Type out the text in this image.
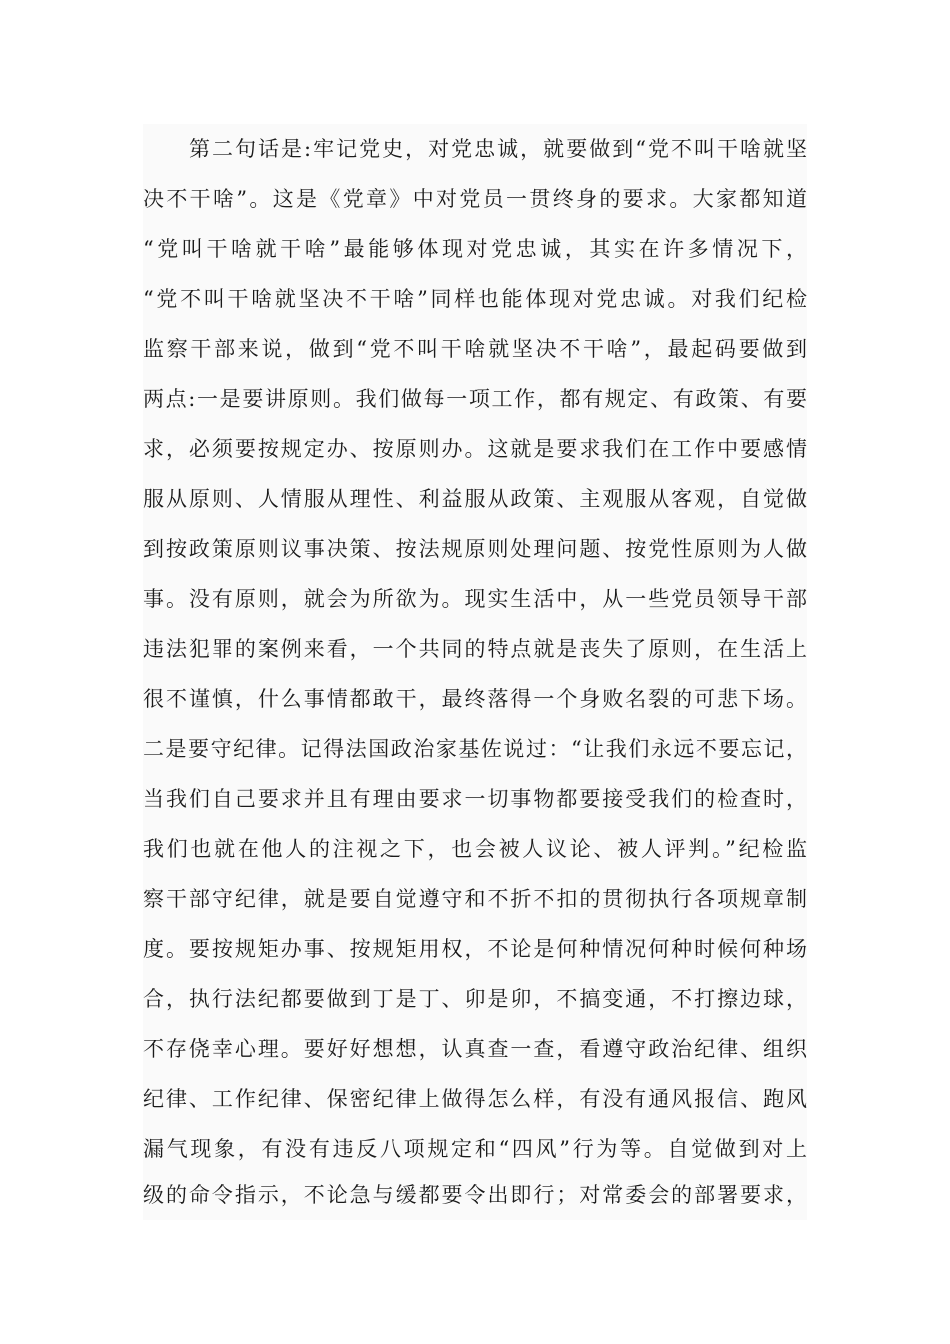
第二句话是:牢记党史，对党忠诚，就要做到“党不叫干啥就坚
决不干啥”。这是《党章》中对党员一贯终身的要求。大家都知道
“党叫干啥就干啥”最能够体现对党忠诚，其实在许多情况下，
“党不叫干啥就坚决不干啥”同样也能体现对党忠诚。对我们纪检
监察干部来说，做到“党不叫干啥就坚决不干啥”，最起码要做到
两点:一是要讲原则。我们做每一项工作，都有规定、有政策、有要
求，必须要按规定办、按原则办。这就是要求我们在工作中要感情
服从原则、人情服从理性、利益服从政策、主观服从客观，自觉做
到按政策原则议事决策、按法规原则处理问题、按党性原则为人做
事。没有原则，就会为所欲为。现实生活中，从一些党员领导干部
违法犯罪的案例来看，一个共同的特点就是丧失了原则，在生活上
很不谨慎，什么事情都敢干，最终落得一个身败名裂的可悲下场。
二是要守纪律。记得法国政治家基佐说过：“让我们永远不要忘记，
当我们自己要求并且有理由要求一切事物都要接受我们的检查时，
我们也就在他人的注视之下，也会被人议论、被人评判。”纪检监
察干部守纪律，就是要自觉遵守和不折不扣的贯彻执行各项规章制
度。要按规矩办事、按规矩用权，不论是何种情况何种时候何种场
合，执行法纪都要做到丁是丁、卯是卯，不搞变通，不打擦边球，
不存侥幸心理。要好好想想，认真查一查，看遵守政治纪律、组织
纪律、工作纪律、保密纪律上做得怎么样，有没有通风报信、跑风
漏气现象，有没有违反八项规定和“四风”行为等。自觉做到对上
级的命令指示，不论急与缓都要令出即行；对常委会的部署要求，
